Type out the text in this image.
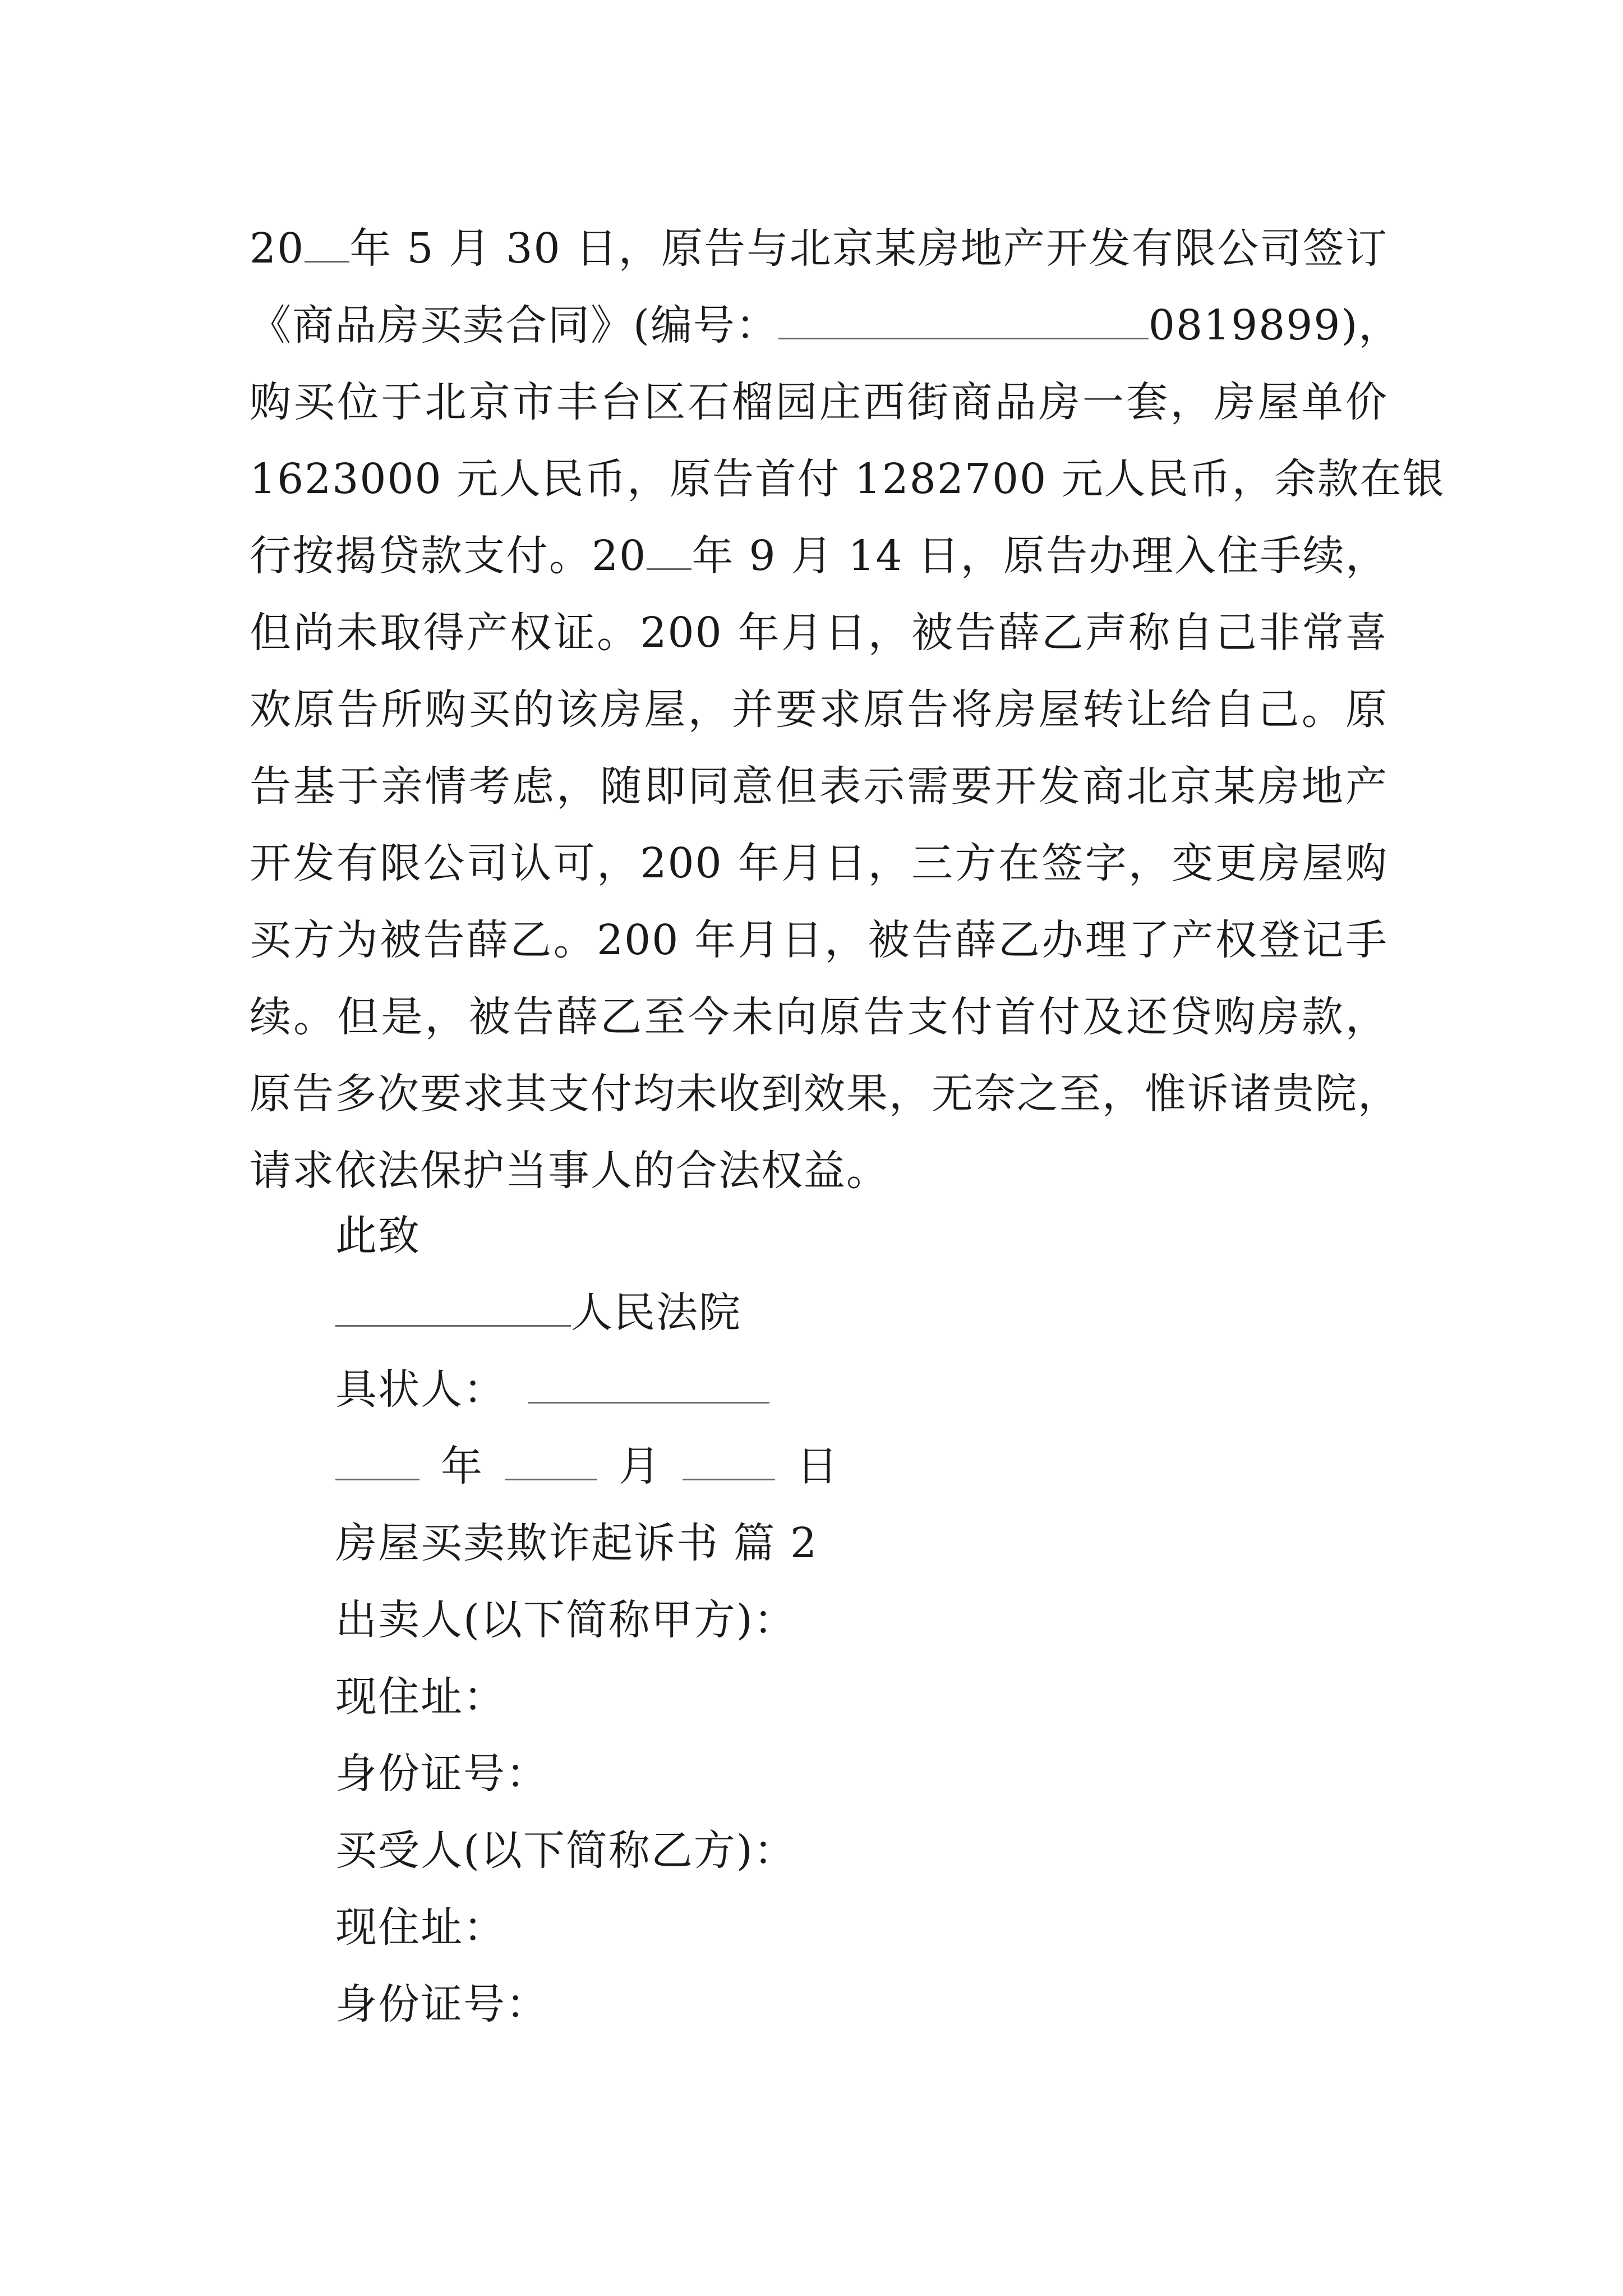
20 年 5 月 30 日，原告与北京某房地产开发有限公司签订
《商品房买卖合同》(编号：	0819899)，
购买位于北京市丰台区石榴园庄西街商品房一套，房屋单价
1623000 元人民币，原告首付 1282700 元人民币，余款在银
行按揭贷款支付。20 年 9 月 14 日，原告办理入住手续，
但尚未取得产权证。200 年月日，被告薛乙声称自己非常喜
欢原告所购买的该房屋，并要求原告将房屋转让给自己。原
告基于亲情考虑，随即同意但表示需要开发商北京某房地产
开发有限公司认可，200 年月日，三方在签字，变更房屋购
买方为被告薛乙。200 年月日，被告薛乙办理了产权登记手
续。但是，被告薛乙至今未向原告支付首付及还贷购房款，
原告多次要求其支付均未收到效果，无奈之至，惟诉诸贵院，
请求依法保护当事人的合法权益。
此致
人民法院
具状人：
年	月	日
房屋买卖欺诈起诉书 篇 2
出卖人(以下简称甲方)：
现住址：
身份证号：
买受人(以下简称乙方)：
现住址：
身份证号：
